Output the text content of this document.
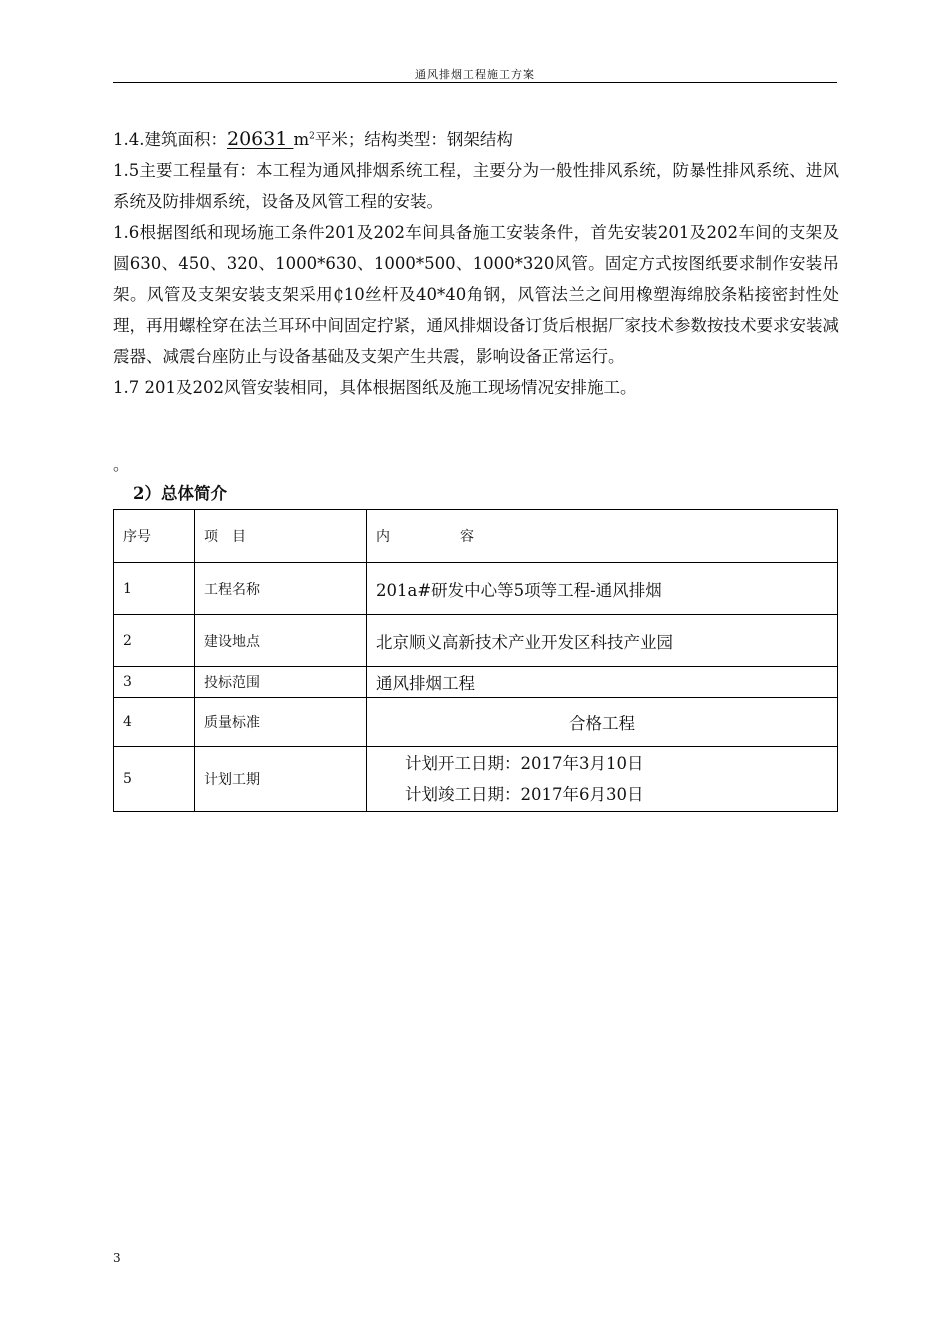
通风排烟工程施工方案

1.4.建筑面积：20631 $m^2$平米；结构类型：钢架结构

1.5主要工程量有：本工程为通风排烟系统工程，主要分为一般性排风系统，防暴性排风系统、进风系统及防排烟系统，设备及风管工程的安装。

1.6根据图纸和现场施工条件201及202车间具备施工安装条件，首先安装201及202车间的支架及圆630、450、320、1000*630、1000*500、1000*320风管。固定方式按图纸要求制作安装吊架。风管及支架安装支架采用₵10丝杆及40*40角钢，风管法兰之间用橡塑海绵胶条粘接密封性处理，再用螺栓穿在法兰耳环中间固定拧紧，通风排烟设备订货后根据厂家技术参数按技术要求安装减震器、减震台座防止与设备基础及支架产生共震，影响设备正常运行。

1.7 201及202风管安装相同，具体根据图纸及施工现场情况安排施工。

。
2）总体简介
序号	项　目	内　　　　　容
1	工程名称	201a#研发中心等5项等工程-通风排烟
2	建设地点	北京顺义高新技术产业开发区科技产业园
3	投标范围	通风排烟工程
4	质量标准	合格工程
5	计划工期	计划开工日期：2017年3月10日
计划竣工日期：2017年6月30日
3
